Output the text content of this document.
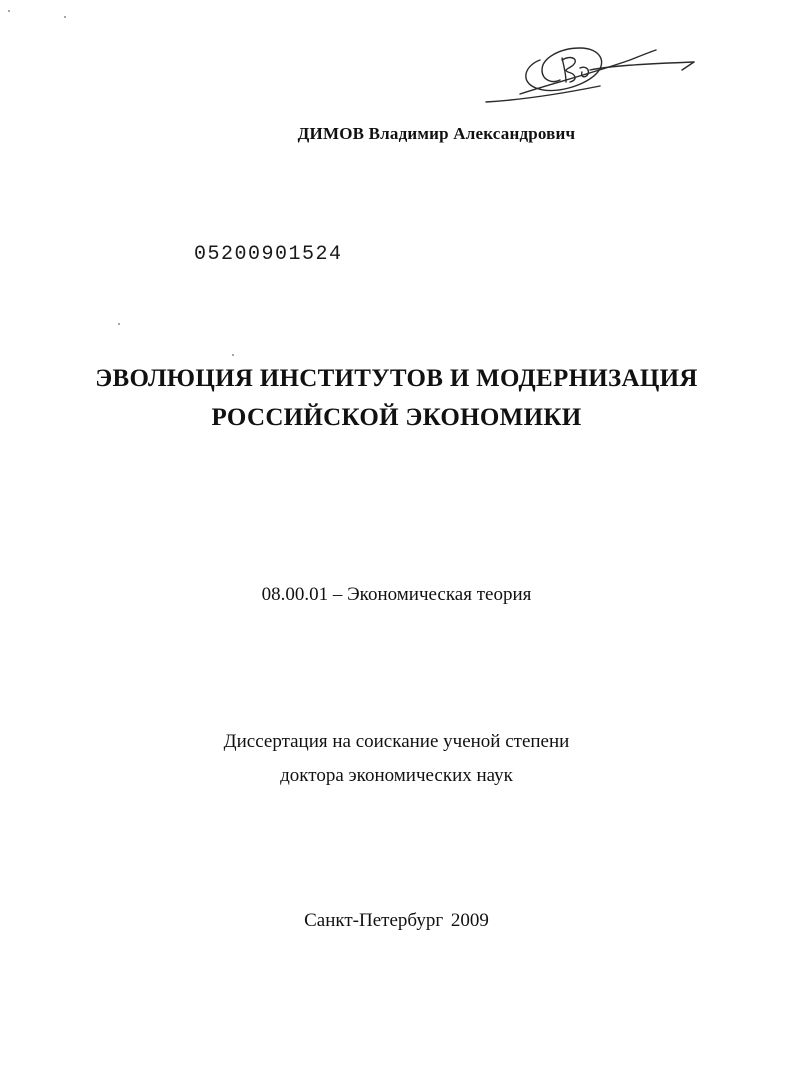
ДИМОВ Владимир Александрович
05200901524
ЭВОЛЮЦИЯ ИНСТИТУТОВ И МОДЕРНИЗАЦИЯ
РОССИЙСКОЙ ЭКОНОМИКИ
08.00.01 – Экономическая теория
Диссертация на соискание ученой степени
доктора экономических наук
Санкт-Петербург 2009
